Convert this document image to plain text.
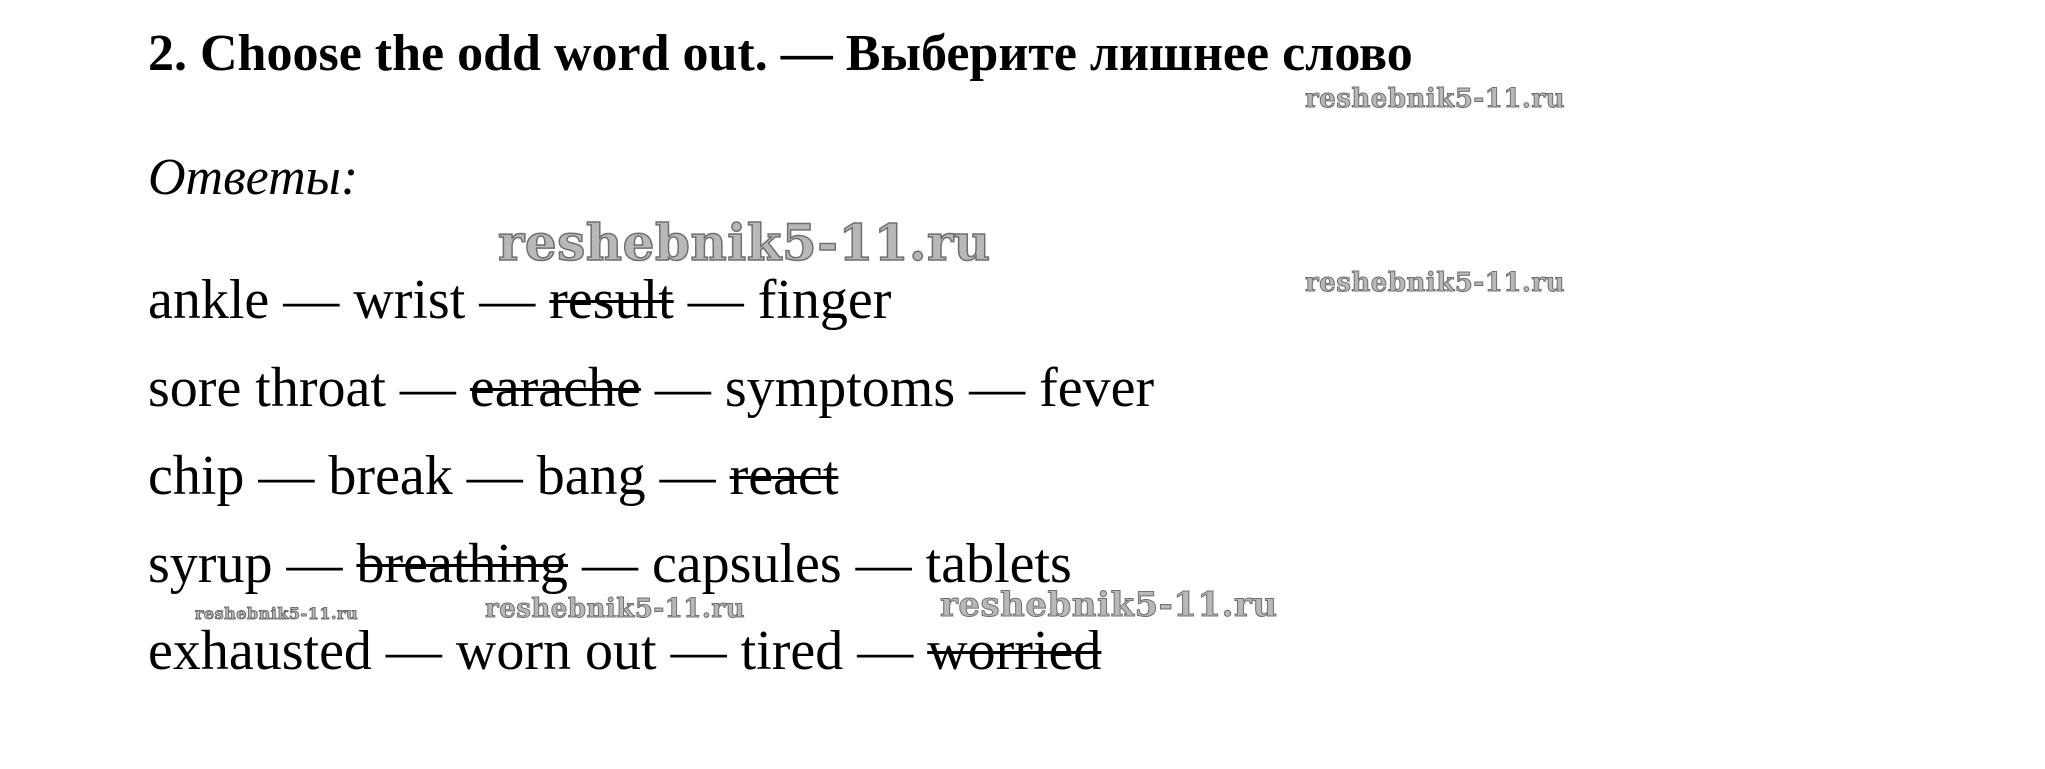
2. Choose the odd word out. — Выберите лишнее слово
Ответы:
ankle — wrist — result — finger
sore throat — earache — symptoms — fever
chip — break — bang — react
syrup — breathing — capsules — tablets
exhausted — worn out — tired — worried
reshebnik5-11.ru
reshebnik5-11.ru
reshebnik5-11.ru
reshebnik5-11.ru	reshebnik5-11.ru	reshebnik5-11.ru
